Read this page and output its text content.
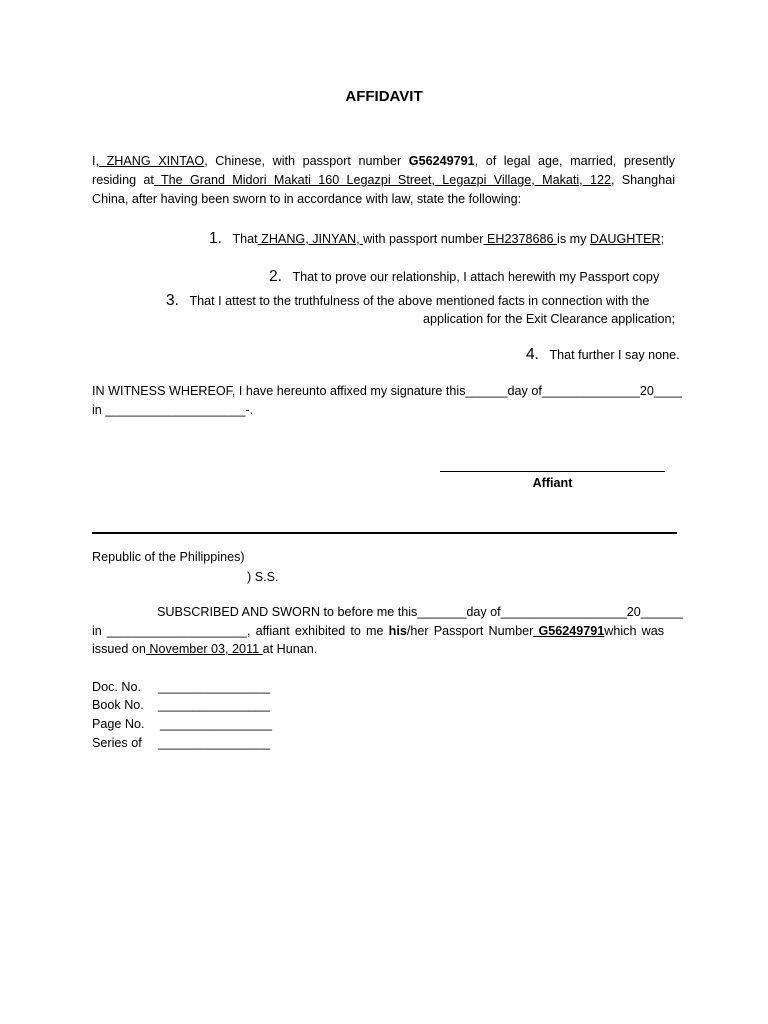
AFFIDAVIT
I, ZHANG XINTAO, Chinese, with passport number G56249791, of legal age, married, presently
residing at The Grand Midori Makati 160 Legazpi Street, Legazpi Village, Makati, 122, Shanghai
China, after having been sworn to in accordance with law, state the following:
1. That ZHANG, JINYAN, with passport number EH2378686 is my DAUGHTER;
2. That to prove our relationship, I attach herewith my Passport copy
3. That I attest to the truthfulness of the above mentioned facts in connection with the
application for the Exit Clearance application;
4. That further I say none.
IN WITNESS WHEREOF, I have hereunto affixed my signature this______day of______________20____
in ____________________-.
Affiant
Republic of the Philippines)
) S.S.
SUBSCRIBED AND SWORN to before me this_______day of__________________20______
in ____________________, affiant exhibited to me his/her Passport Number G56249791which was
issued on November 03, 2011 at Hunan.
Doc. No. ________________
Book No. ________________
Page No. ________________
Series of ________________
